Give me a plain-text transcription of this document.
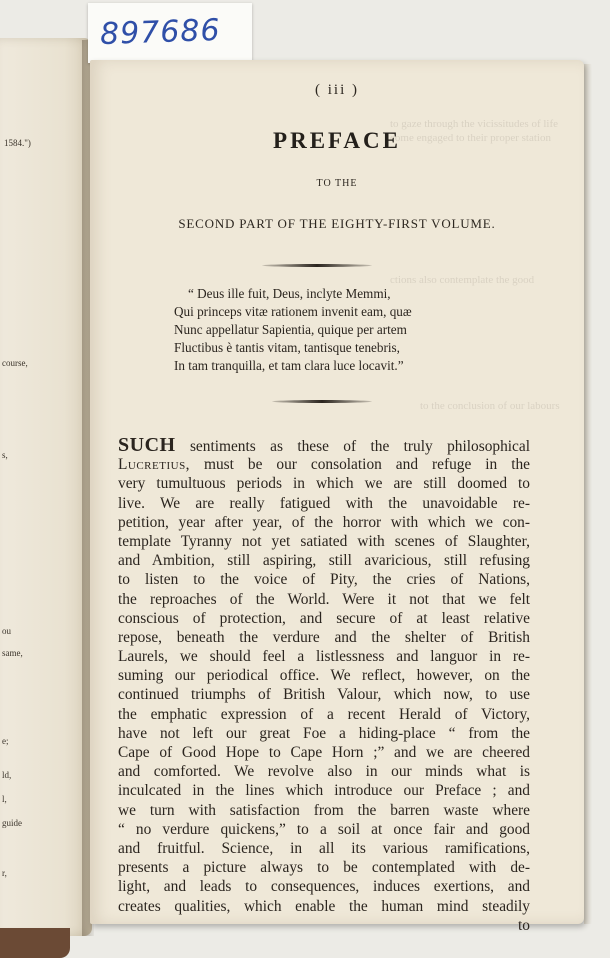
1584.")
course,
s,
ou
same,
e;
ld,
l,
guide
r,
897686
to gaze through the vicissitudes of life
come engaged to their proper station
ctions also contemplate the good
to the conclusion of our labours
( iii )
PREFACE
TO THE
SECOND PART OF THE EIGHTY-FIRST VOLUME.
“ Deus ille fuit, Deus, inclyte Memmi,
Qui princeps vitæ rationem invenit eam, quæ
Nunc appellatur Sapientia, quique per artem
Fluctibus è tantis vitam, tantisque tenebris,
In tam tranquilla, et tam clara luce locavit.”
SUCH sentiments as these of the truly philosophical
Lucretius, must be our consolation and refuge in the
very tumultuous periods in which we are still doomed to
live. We are really fatigued with the unavoidable re-
petition, year after year, of the horror with which we con-
template Tyranny not yet satiated with scenes of Slaughter,
and Ambition, still aspiring, still avaricious, still refusing
to listen to the voice of Pity, the cries of Nations,
the reproaches of the World. Were it not that we felt
conscious of protection, and secure of at least relative
repose, beneath the verdure and the shelter of British
Laurels, we should feel a listlessness and languor in re-
suming our periodical office. We reflect, however, on the
continued triumphs of British Valour, which now, to use
the emphatic expression of a recent Herald of Victory,
have not left our great Foe a hiding-place “ from the
Cape of Good Hope to Cape Horn ;” and we are cheered
and comforted. We revolve also in our minds what is
inculcated in the lines which introduce our Preface ; and
we turn with satisfaction from the barren waste where
“ no verdure quickens,” to a soil at once fair and good
and fruitful. Science, in all its various ramifications,
presents a picture always to be contemplated with de-
light, and leads to consequences, induces exertions, and
creates qualities, which enable the human mind steadily
to
